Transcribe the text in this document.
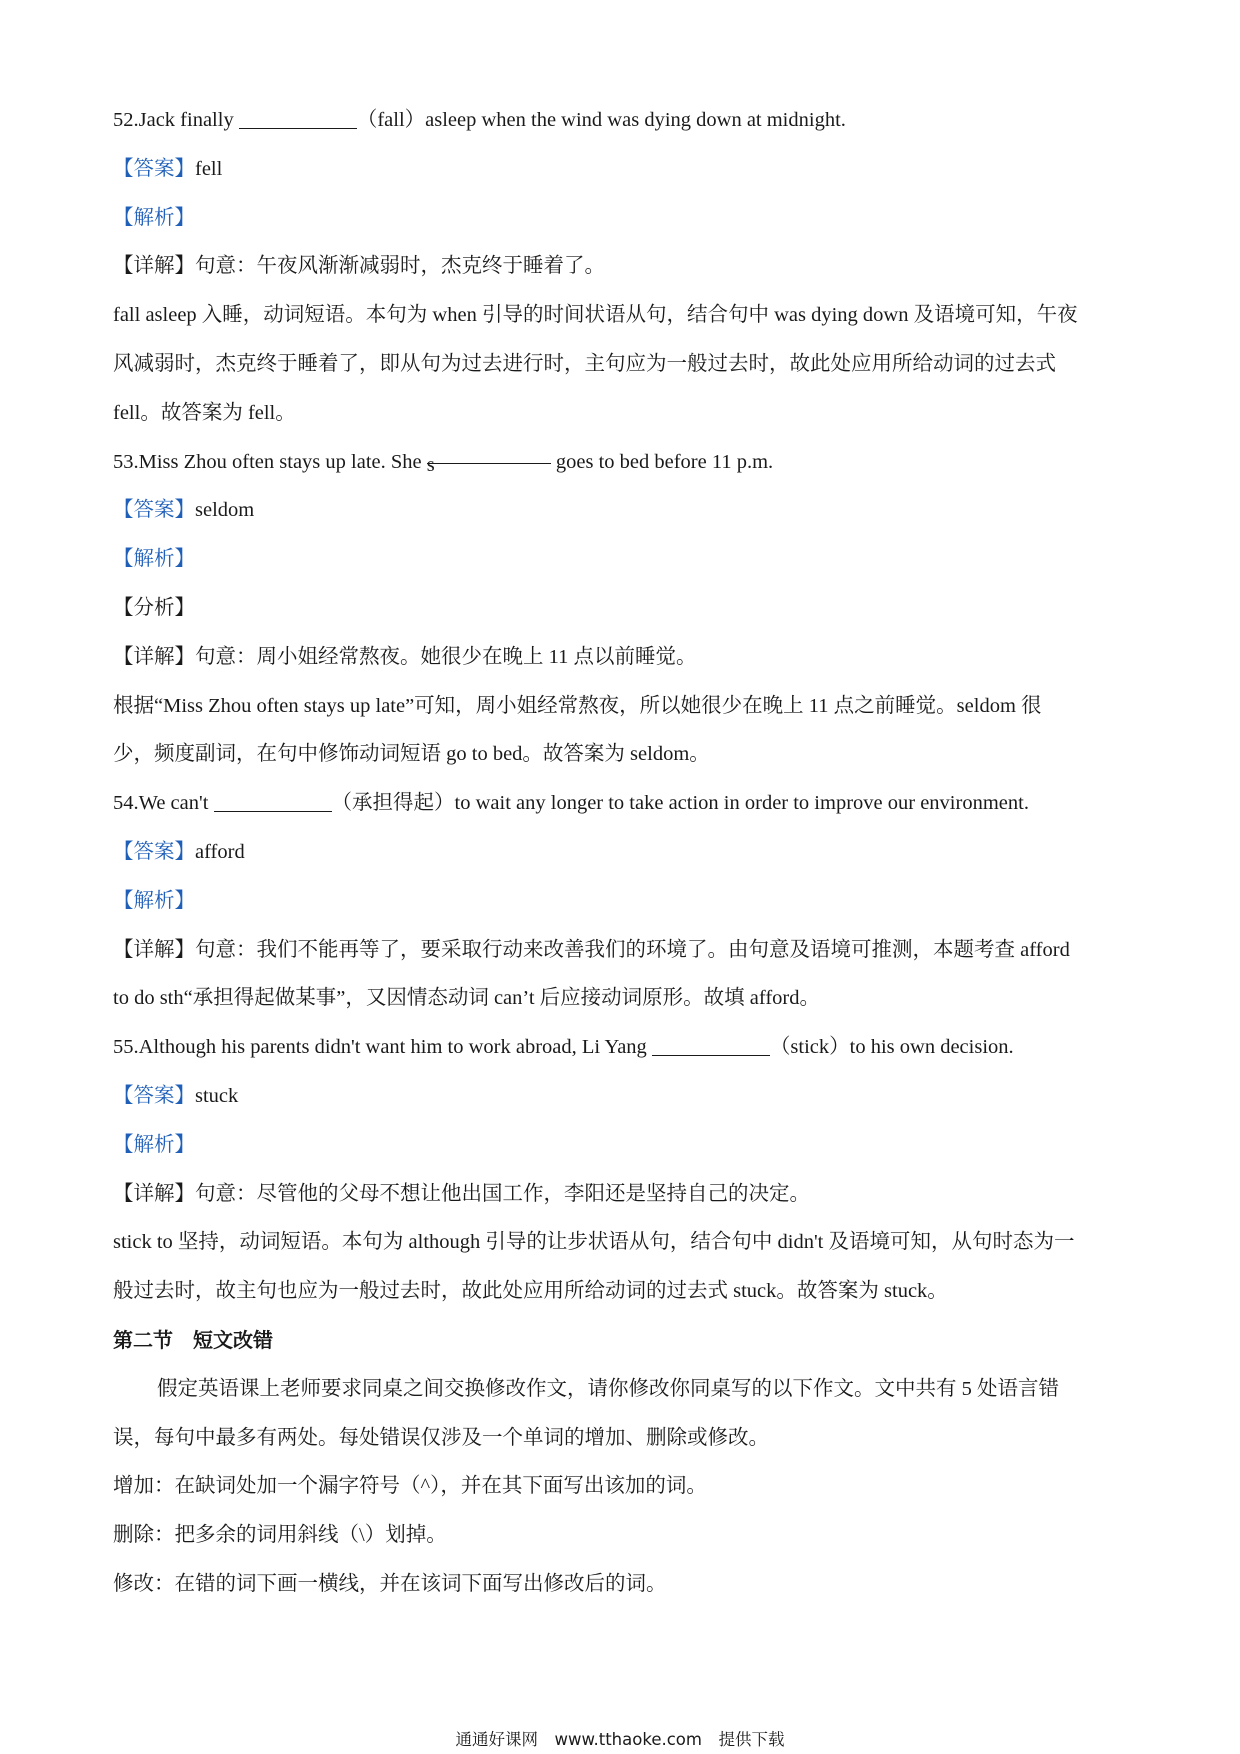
52.Jack finally	（fall）asleep when the wind was dying down at midnight.
【答案】fell
【解析】
【详解】句意：午夜风渐渐减弱时，杰克终于睡着了。
fall asleep 入睡，动词短语。本句为 when 引导的时间状语从句，结合句中 was dying down 及语境可知，午夜
风减弱时，杰克终于睡着了，即从句为过去进行时，主句应为一般过去时，故此处应用所给动词的过去式
fell。故答案为 fell。
53.Miss Zhou often stays up late. She s	goes to bed before 11 p.m.
【答案】seldom
【解析】
【分析】
【详解】句意：周小姐经常熬夜。她很少在晚上 11 点以前睡觉。
根据“Miss Zhou often stays up late”可知，周小姐经常熬夜，所以她很少在晚上 11 点之前睡觉。seldom 很
少，频度副词，在句中修饰动词短语 go to bed。故答案为 seldom。
54.We can't	（承担得起）to wait any longer to take action in order to improve our environment.
【答案】afford
【解析】
【详解】句意：我们不能再等了，要采取行动来改善我们的环境了。由句意及语境可推测，本题考查 afford
to do sth“承担得起做某事”，又因情态动词 can’t 后应接动词原形。故填 afford。
55.Although his parents didn't want him to work abroad, Li Yang	（stick）to his own decision.
【答案】stuck
【解析】
【详解】句意：尽管他的父母不想让他出国工作，李阳还是坚持自己的决定。
stick to 坚持，动词短语。本句为 although 引导的让步状语从句，结合句中 didn't 及语境可知，从句时态为一
般过去时，故主句也应为一般过去时，故此处应用所给动词的过去式 stuck。故答案为 stuck。
第二节　短文改错
假定英语课上老师要求同桌之间交换修改作文，请你修改你同桌写的以下作文。文中共有 5 处语言错
误，每句中最多有两处。每处错误仅涉及一个单词的增加、删除或修改。
增加：在缺词处加一个漏字符号（^），并在其下面写出该加的词。
删除：把多余的词用斜线（\）划掉。
修改：在错的词下画一横线，并在该词下面写出修改后的词。
通通好课网　www.tthaoke.com　提供下载
